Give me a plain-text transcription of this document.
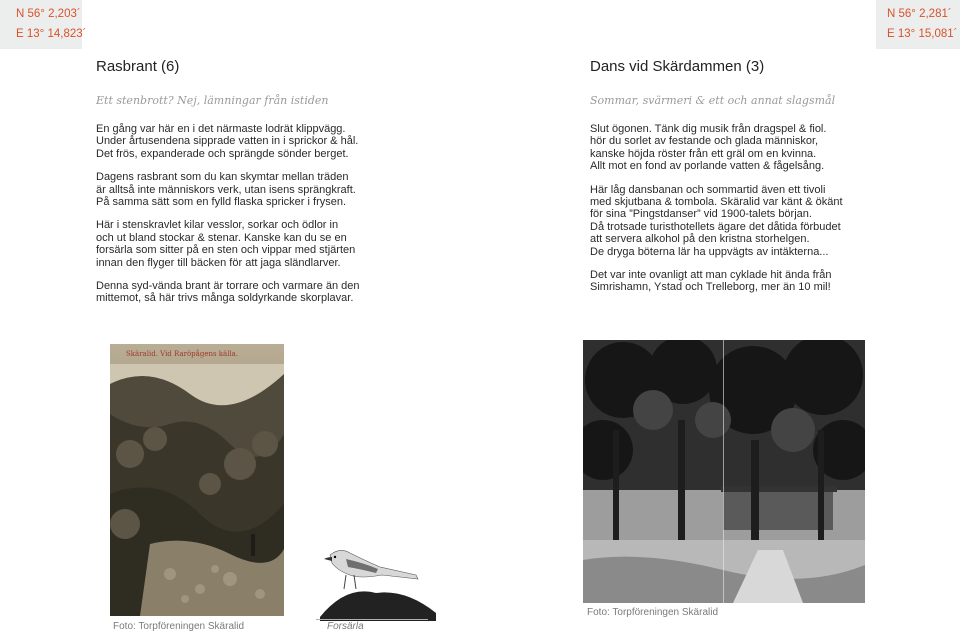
N 56° 2,203´
E 13° 14,823´
N 56° 2,281´
E 13° 15,081´
Rasbrant (6)
Ett stenbrott? Nej, lämningar från istiden
En gång var här en i det närmaste lodrät klippvägg.
Under årtusendena sipprade vatten in i sprickor & hål.
Det frös, expanderade och sprängde sönder berget.
Dagens rasbrant som du kan skymtar mellan träden
är alltså inte människors verk, utan isens sprängkraft.
På samma sätt som en fylld flaska spricker i frysen.
Här i stenskravlet kilar vesslor, sorkar och ödlor in
och ut bland stockar & stenar. Kanske kan du se en
forsärla som sitter på en sten och vippar med stjärten
innan den flyger till bäcken för att jaga sländlarver.
Denna syd-vända brant är torrare och varmare än den
mittemot, så här trivs många soldyrkande skorplavar.
Dans vid Skärdammen (3)
Sommar, svärmeri & ett och annat slagsmål
Slut ögonen. Tänk dig musik från dragspel & fiol.
hör du sorlet av festande och glada människor,
kanske höjda röster från ett gräl om en kvinna.
Allt mot en fond av porlande vatten & fågelsång.
Här låg dansbanan och sommartid även ett tivoli
med skjutbana & tombola. Skäralid var känt & ökänt
för sina ”Pingstdanser” vid 1900-talets början.
Då trotsade turisthotellets ägare det dåtida förbudet
att servera alkohol på den kristna storhelgen.
De dryga böterna lär ha uppvägts av intäkterna...
Det var inte ovanligt att man cyklade hit ända från
Simrishamn, Ystad och Trelleborg, mer än 10 mil!
Skäralid. Vid Raröpågens källa.
Foto: Torpföreningen Skäralid	Forsärla
Foto: Torpföreningen Skäralid
